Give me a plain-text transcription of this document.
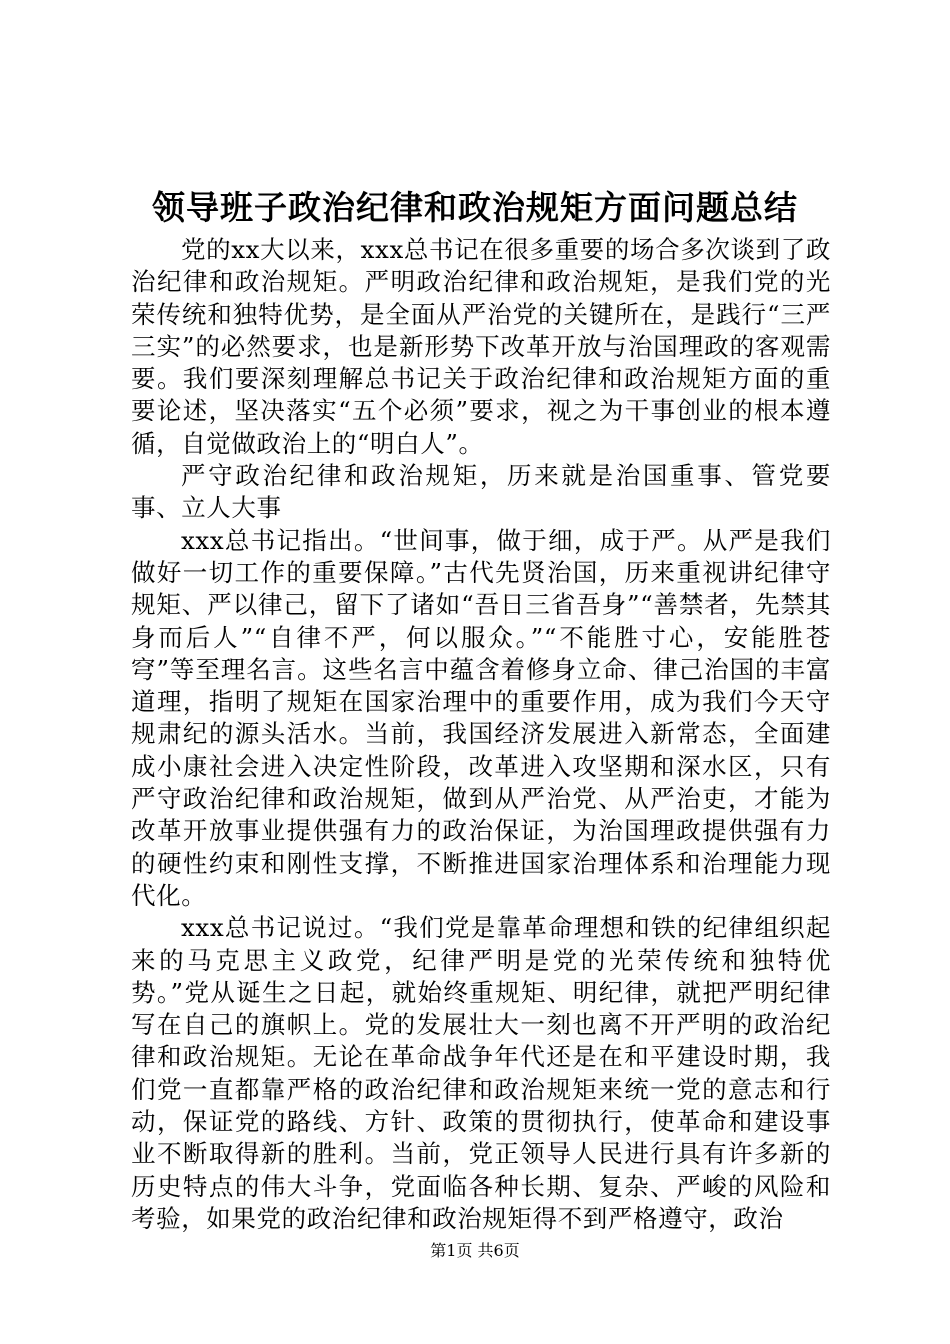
领导班子政治纪律和政治规矩方面问题总结

党的xx大以来，xxx总书记在很多重要的场合多次谈到了政治纪律和政治规矩。严明政治纪律和政治规矩，是我们党的光荣传统和独特优势，是全面从严治党的关键所在，是践行“三严三实”的必然要求，也是新形势下改革开放与治国理政的客观需要。我们要深刻理解总书记关于政治纪律和政治规矩方面的重要论述，坚决落实“五个必须”要求，视之为干事创业的根本遵循，自觉做政治上的“明白人”。

严守政治纪律和政治规矩，历来就是治国重事、管党要事、立人大事

xxx总书记指出。“世间事，做于细，成于严。从严是我们做好一切工作的重要保障。”古代先贤治国，历来重视讲纪律守规矩、严以律己，留下了诸如“吾日三省吾身”“善禁者，先禁其身而后人”“自律不严，何以服众。”“不能胜寸心，安能胜苍穹”等至理名言。这些名言中蕴含着修身立命、律己治国的丰富道理，指明了规矩在国家治理中的重要作用，成为我们今天守规肃纪的源头活水。当前，我国经济发展进入新常态，全面建成小康社会进入决定性阶段，改革进入攻坚期和深水区，只有严守政治纪律和政治规矩，做到从严治党、从严治吏，才能为改革开放事业提供强有力的政治保证，为治国理政提供强有力的硬性约束和刚性支撑，不断推进国家治理体系和治理能力现代化。

xxx总书记说过。“我们党是靠革命理想和铁的纪律组织起来的马克思主义政党，纪律严明是党的光荣传统和独特优势。”党从诞生之日起，就始终重规矩、明纪律，就把严明纪律写在自己的旗帜上。党的发展壮大一刻也离不开严明的政治纪律和政治规矩。无论在革命战争年代还是在和平建设时期，我们党一直都靠严格的政治纪律和政治规矩来统一党的意志和行动，保证党的路线、方针、政策的贯彻执行，使革命和建设事业不断取得新的胜利。当前，党正领导人民进行具有许多新的历史特点的伟大斗争，党面临各种长期、复杂、严峻的风险和考验，如果党的政治纪律和政治规矩得不到严格遵守，政治

第1页 共6页
